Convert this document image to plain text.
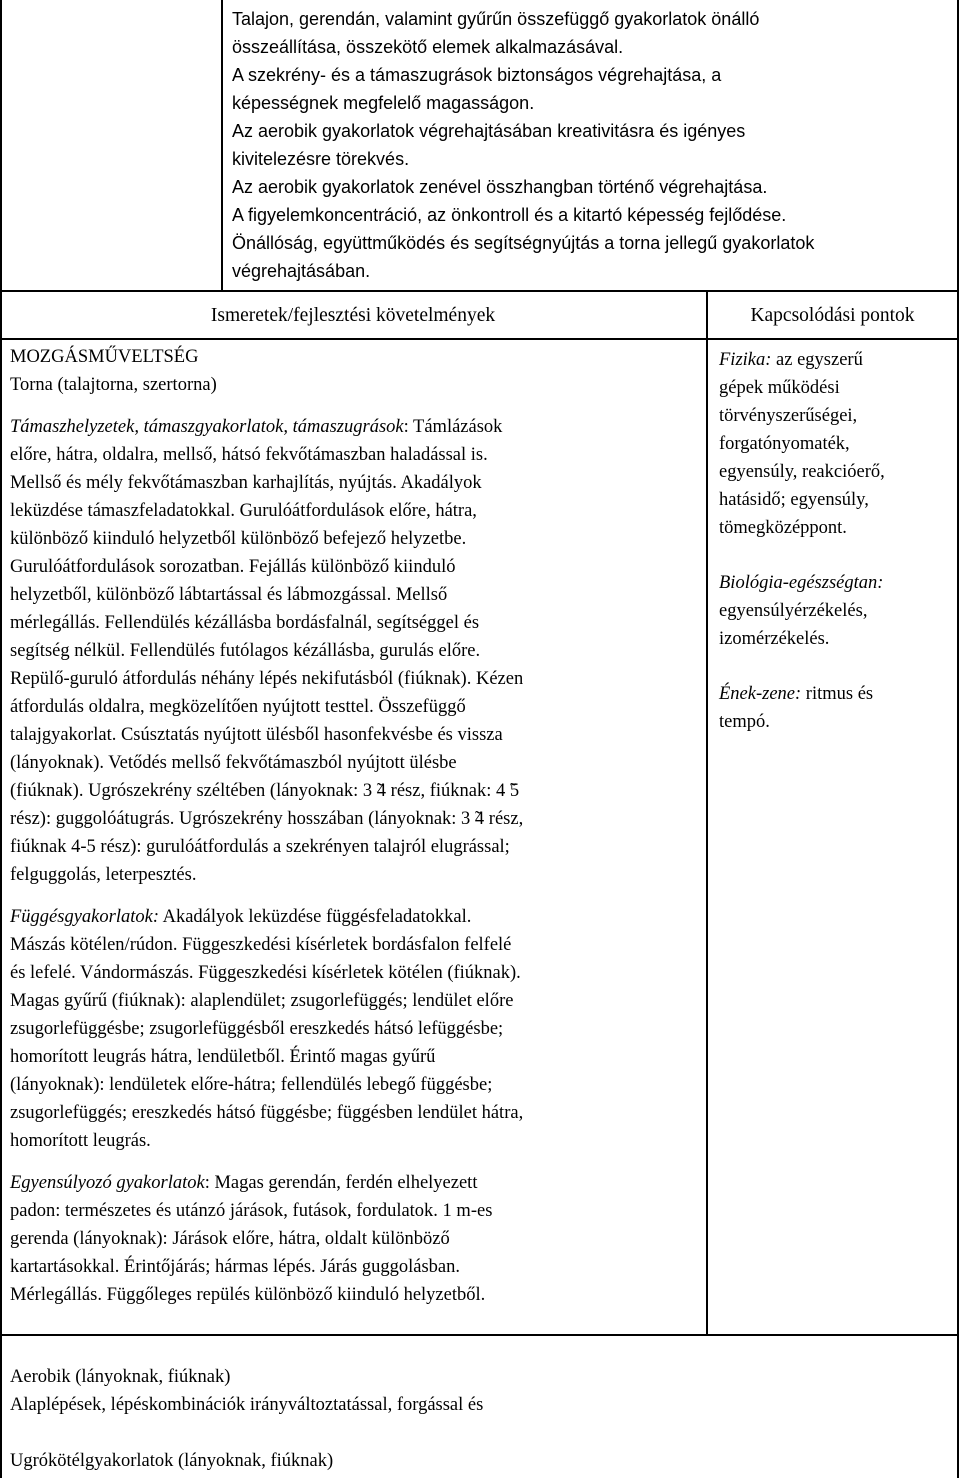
Talajon, gerendán, valamint gyűrűn összefüggő gyakorlatok önálló

összeállítása, összekötő elemek alkalmazásával.

A szekrény- és a támaszugrások biztonságos végrehajtása, a

képességnek megfelelő magasságon.

Az aerobik gyakorlatok végrehajtásában kreativitásra és igényes

kivitelezésre törekvés.

Az aerobik gyakorlatok zenével összhangban történő végrehajtása.

A figyelemkoncentráció, az önkontroll és a kitartó képesség fejlődése.

Önállóság, együttműködés és segítségnyújtás a torna jellegű gyakorlatok

végrehajtásában.

Ismeretek/fejlesztési követelmények	Kapcsolódási pontok

MOZGÁSMŰVELTSÉG

Torna (talajtorna, szertorna)

Támaszhelyzetek, támaszgyakorlatok, támaszugrások: Támlázások

előre, hátra, oldalra, mellső, hátsó fekvőtámaszban haladással is.

Mellső és mély fekvőtámaszban karhajlítás, nyújtás. Akadályok

leküzdése támaszfeladatokkal. Gurulóátfordulások előre, hátra,

különböző kiinduló helyzetből különböző befejező helyzetbe.

Gurulóátfordulások sorozatban. Fejállás különböző kiinduló

helyzetből, különböző lábtartással és lábmozgással. Mellső

mérlegállás. Fellendülés kézállásba bordásfalnál, segítséggel és

segítség nélkül. Fellendülés futólagos kézállásba, gurulás előre.

Repülő-guruló átfordulás néhány lépés nekifutásból (fiúknak). Kézen

átfordulás oldalra, megközelítően nyújtott testtel. Összefüggő

talajgyakorlat. Csúsztatás nyújtott ülésből hasonfekvésbe és vissza

(lányoknak). Vetődés mellső fekvőtámaszból nyújtott ülésbe

(fiúknak). Ugrószekrény széltében (lányoknak: 3 ̃4 rész, fiúknak: 4 ̃5

rész): guggolóátugrás. Ugrószekrény hosszában (lányoknak: 3 ̃4 rész,

fiúknak 4-5 rész): gurulóátfordulás a szekrényen talajról elugrással;

felguggolás, leterpesztés.

Függésgyakorlatok: Akadályok leküzdése függésfeladatokkal.

Mászás kötélen/rúdon. Függeszkedési kísérletek bordásfalon felfelé

és lefelé. Vándormászás. Függeszkedési kísérletek kötélen (fiúknak).

Magas gyűrű (fiúknak): alaplendület; zsugorlefüggés; lendület előre

zsugorlefüggésbe; zsugorlefüggésből ereszkedés hátsó lefüggésbe;

homorított leugrás hátra, lendületből. Érintő magas gyűrű

(lányoknak): lendületek előre-hátra; fellendülés lebegő függésbe;

zsugorlefüggés; ereszkedés hátsó függésbe; függésben lendület hátra,

homorított leugrás.

Egyensúlyozó gyakorlatok: Magas gerendán, ferdén elhelyezett

padon: természetes és utánzó járások, futások, fordulatok. 1 m-es

gerenda (lányoknak): Járások előre, hátra, oldalt különböző

kartartásokkal. Érintőjárás; hármas lépés. Járás guggolásban.

Mérlegállás. Függőleges repülés különböző kiinduló helyzetből.

Aerobik (lányoknak, fiúknak)

Alaplépések, lépéskombinációk irányváltoztatással, forgással és

Ugrókötélgyakorlatok (lányoknak, fiúknak)

Fizika: az egyszerű

gépek működési

törvényszerűségei,

forgatónyomaték,

egyensúly, reakcióerő,

hatásidő; egyensúly,

tömegközéppont.

Biológia-egészségtan:

egyensúlyérzékelés,

izomérzékelés.

Ének-zene: ritmus és

tempó.
